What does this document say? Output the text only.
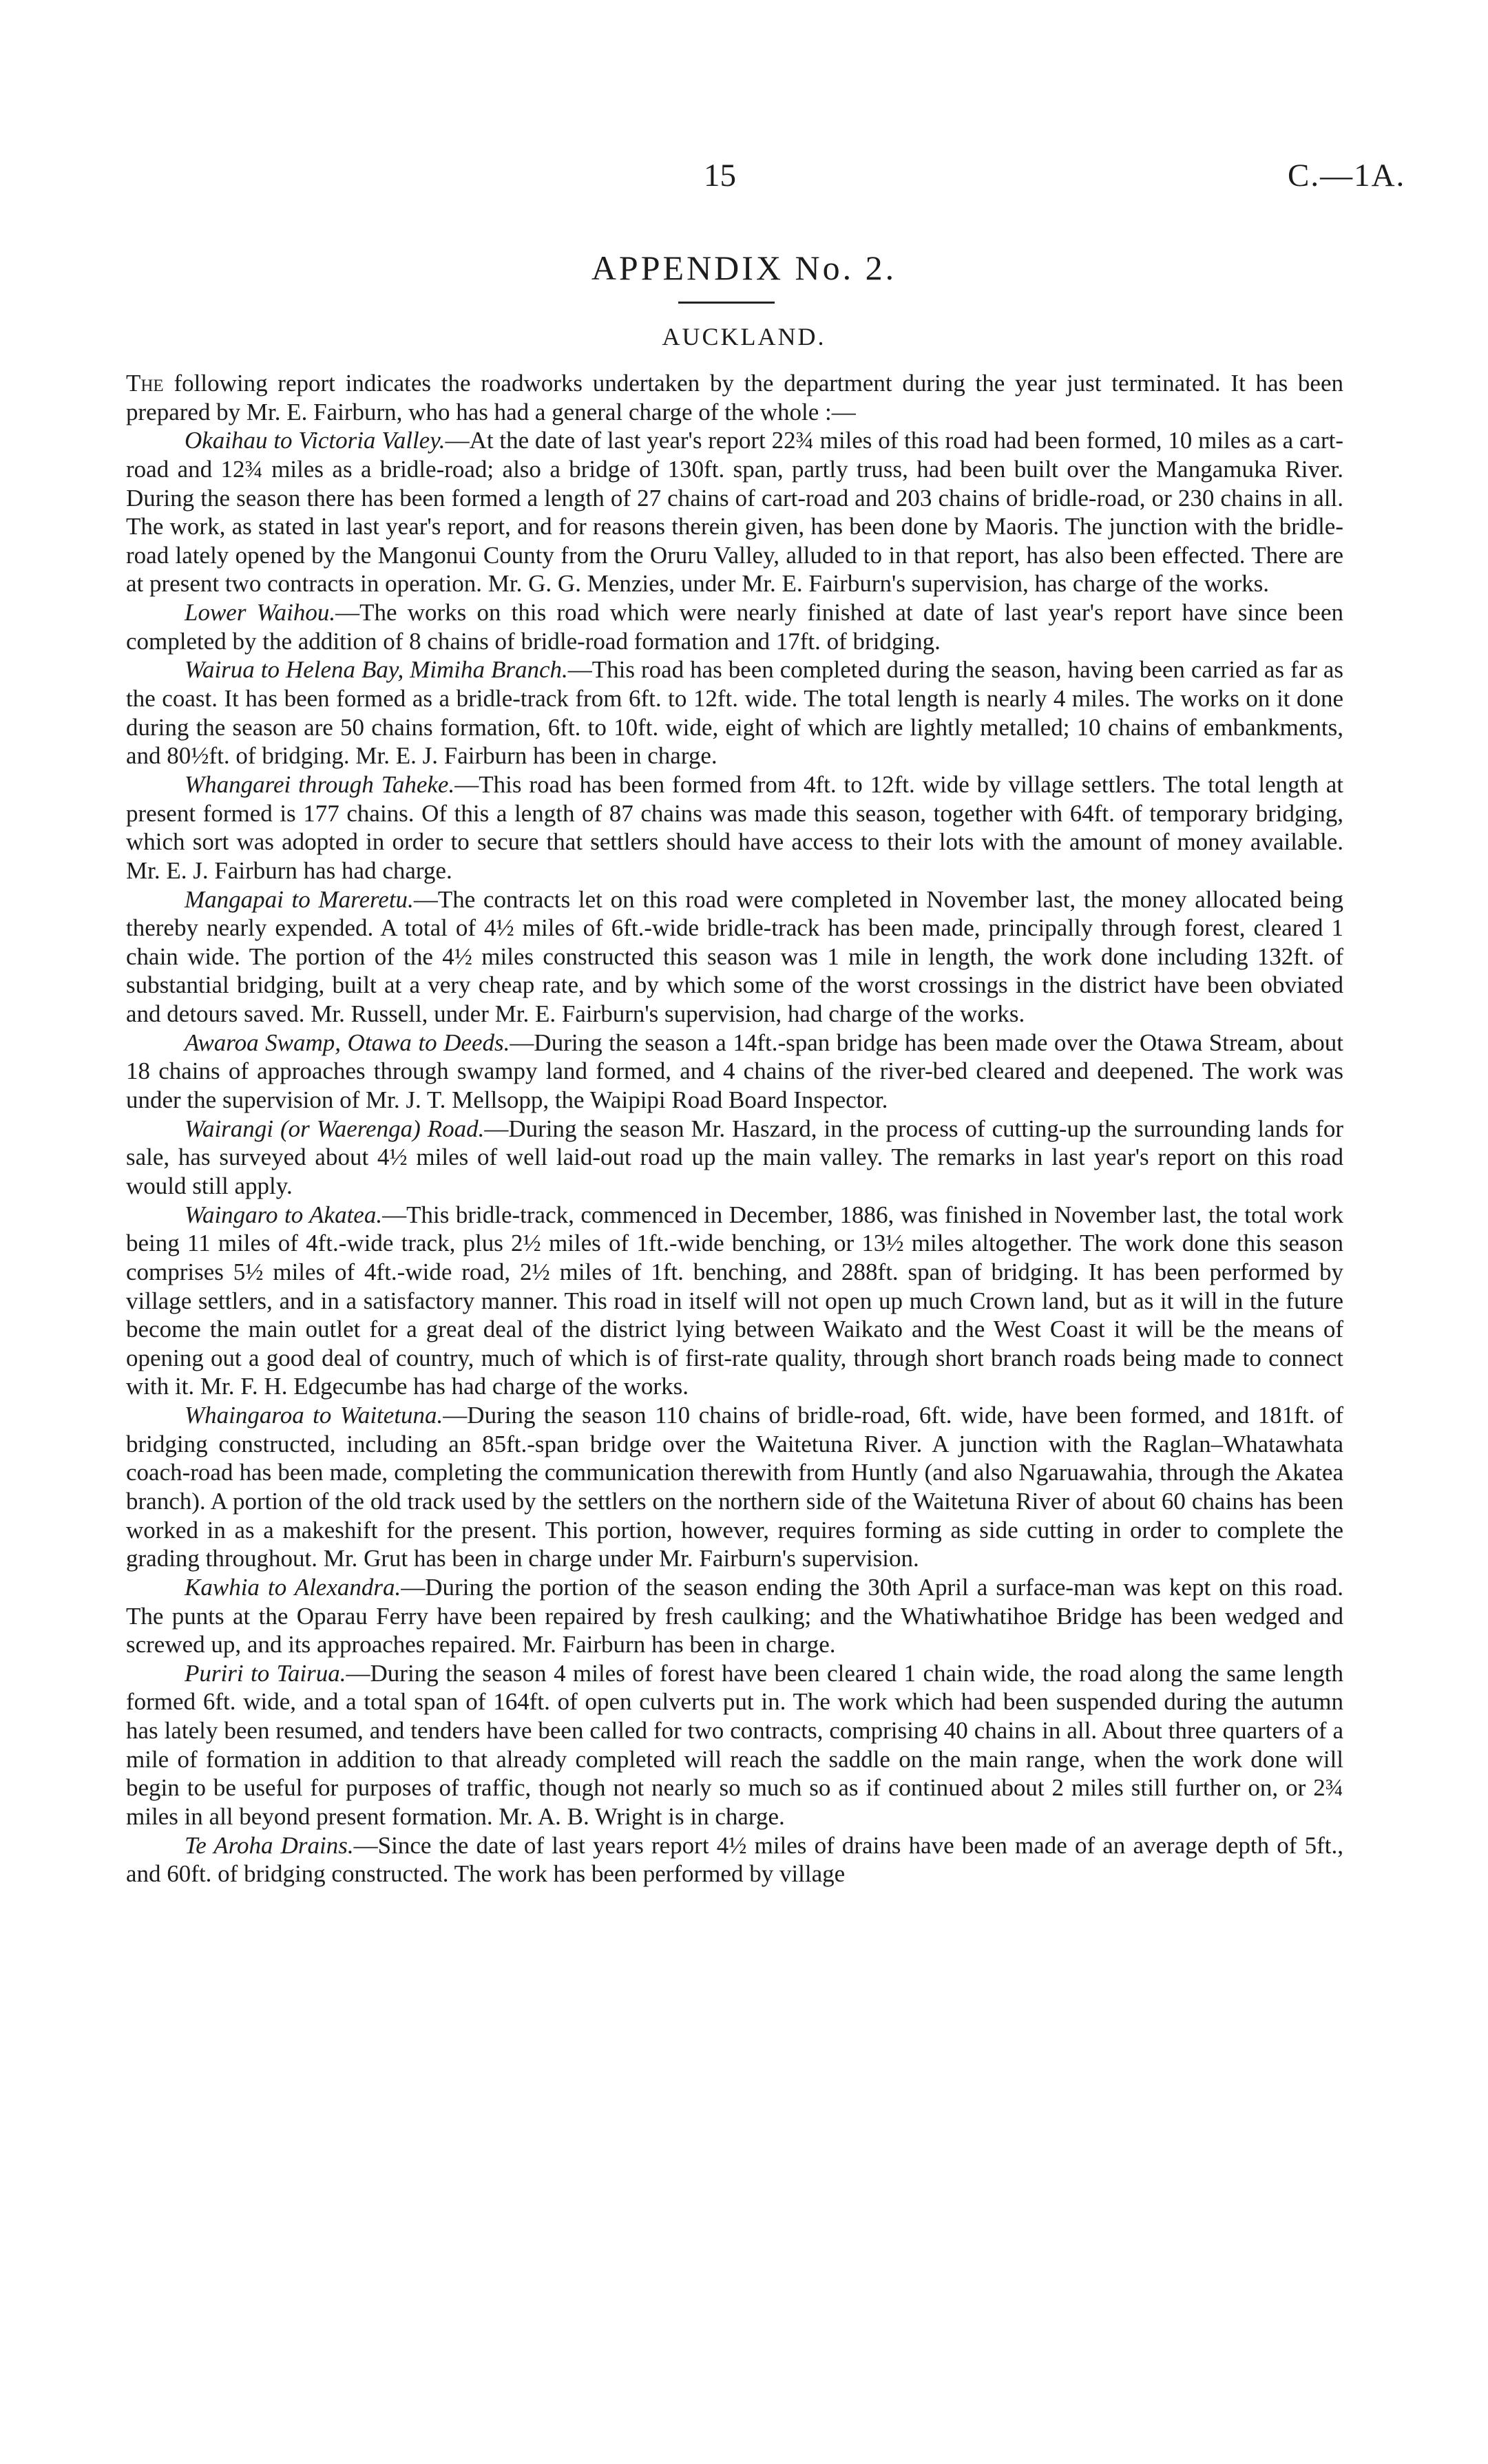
15	C.—1A.
APPENDIX No. 2.
AUCKLAND.

The following report indicates the roadworks undertaken by the department during the year just terminated. It has been prepared by Mr. E. Fairburn, who has had a general charge of the whole :—

Okaihau to Victoria Valley.—At the date of last year's report 22¾ miles of this road had been formed, 10 miles as a cart-road and 12¾ miles as a bridle-road; also a bridge of 130ft. span, partly truss, had been built over the Mangamuka River. During the season there has been formed a length of 27 chains of cart-road and 203 chains of bridle-road, or 230 chains in all. The work, as stated in last year's report, and for reasons therein given, has been done by Maoris. The junction with the bridle-road lately opened by the Mangonui County from the Oruru Valley, alluded to in that report, has also been effected. There are at present two contracts in operation. Mr. G. G. Menzies, under Mr. E. Fairburn's supervision, has charge of the works.

Lower Waihou.—The works on this road which were nearly finished at date of last year's report have since been completed by the addition of 8 chains of bridle-road formation and 17ft. of bridging.

Wairua to Helena Bay, Mimiha Branch.—This road has been completed during the season, having been carried as far as the coast. It has been formed as a bridle-track from 6ft. to 12ft. wide. The total length is nearly 4 miles. The works on it done during the season are 50 chains formation, 6ft. to 10ft. wide, eight of which are lightly metalled; 10 chains of embankments, and 80½ft. of bridging. Mr. E. J. Fairburn has been in charge.

Whangarei through Taheke.—This road has been formed from 4ft. to 12ft. wide by village settlers. The total length at present formed is 177 chains. Of this a length of 87 chains was made this season, together with 64ft. of temporary bridging, which sort was adopted in order to secure that settlers should have access to their lots with the amount of money available. Mr. E. J. Fairburn has had charge.

Mangapai to Mareretu.—The contracts let on this road were completed in November last, the money allocated being thereby nearly expended. A total of 4½ miles of 6ft.-wide bridle-track has been made, principally through forest, cleared 1 chain wide. The portion of the 4½ miles constructed this season was 1 mile in length, the work done including 132ft. of substantial bridging, built at a very cheap rate, and by which some of the worst crossings in the district have been obviated and detours saved. Mr. Russell, under Mr. E. Fairburn's supervision, had charge of the works.

Awaroa Swamp, Otawa to Deeds.—During the season a 14ft.-span bridge has been made over the Otawa Stream, about 18 chains of approaches through swampy land formed, and 4 chains of the river-bed cleared and deepened. The work was under the supervision of Mr. J. T. Mellsopp, the Waipipi Road Board Inspector.

Wairangi (or Waerenga) Road.—During the season Mr. Haszard, in the process of cutting-up the surrounding lands for sale, has surveyed about 4½ miles of well laid-out road up the main valley. The remarks in last year's report on this road would still apply.

Waingaro to Akatea.—This bridle-track, commenced in December, 1886, was finished in November last, the total work being 11 miles of 4ft.-wide track, plus 2½ miles of 1ft.-wide benching, or 13½ miles altogether. The work done this season comprises 5½ miles of 4ft.-wide road, 2½ miles of 1ft. benching, and 288ft. span of bridging. It has been performed by village settlers, and in a satisfactory manner. This road in itself will not open up much Crown land, but as it will in the future become the main outlet for a great deal of the district lying between Waikato and the West Coast it will be the means of opening out a good deal of country, much of which is of first-rate quality, through short branch roads being made to connect with it. Mr. F. H. Edgecumbe has had charge of the works.

Whaingaroa to Waitetuna.—During the season 110 chains of bridle-road, 6ft. wide, have been formed, and 181ft. of bridging constructed, including an 85ft.-span bridge over the Waitetuna River. A junction with the Raglan–Whatawhata coach-road has been made, completing the communication therewith from Huntly (and also Ngaruawahia, through the Akatea branch). A portion of the old track used by the settlers on the northern side of the Waitetuna River of about 60 chains has been worked in as a makeshift for the present. This portion, however, requires forming as side cutting in order to complete the grading throughout. Mr. Grut has been in charge under Mr. Fairburn's supervision.

Kawhia to Alexandra.—During the portion of the season ending the 30th April a surface-man was kept on this road. The punts at the Oparau Ferry have been repaired by fresh caulking; and the Whatiwhatihoe Bridge has been wedged and screwed up, and its approaches repaired. Mr. Fairburn has been in charge.

Puriri to Tairua.—During the season 4 miles of forest have been cleared 1 chain wide, the road along the same length formed 6ft. wide, and a total span of 164ft. of open culverts put in. The work which had been suspended during the autumn has lately been resumed, and tenders have been called for two contracts, comprising 40 chains in all. About three quarters of a mile of formation in addition to that already completed will reach the saddle on the main range, when the work done will begin to be useful for purposes of traffic, though not nearly so much so as if continued about 2 miles still further on, or 2¾ miles in all beyond present formation. Mr. A. B. Wright is in charge.

Te Aroha Drains.—Since the date of last years report 4½ miles of drains have been made of an average depth of 5ft., and 60ft. of bridging constructed. The work has been performed by village
